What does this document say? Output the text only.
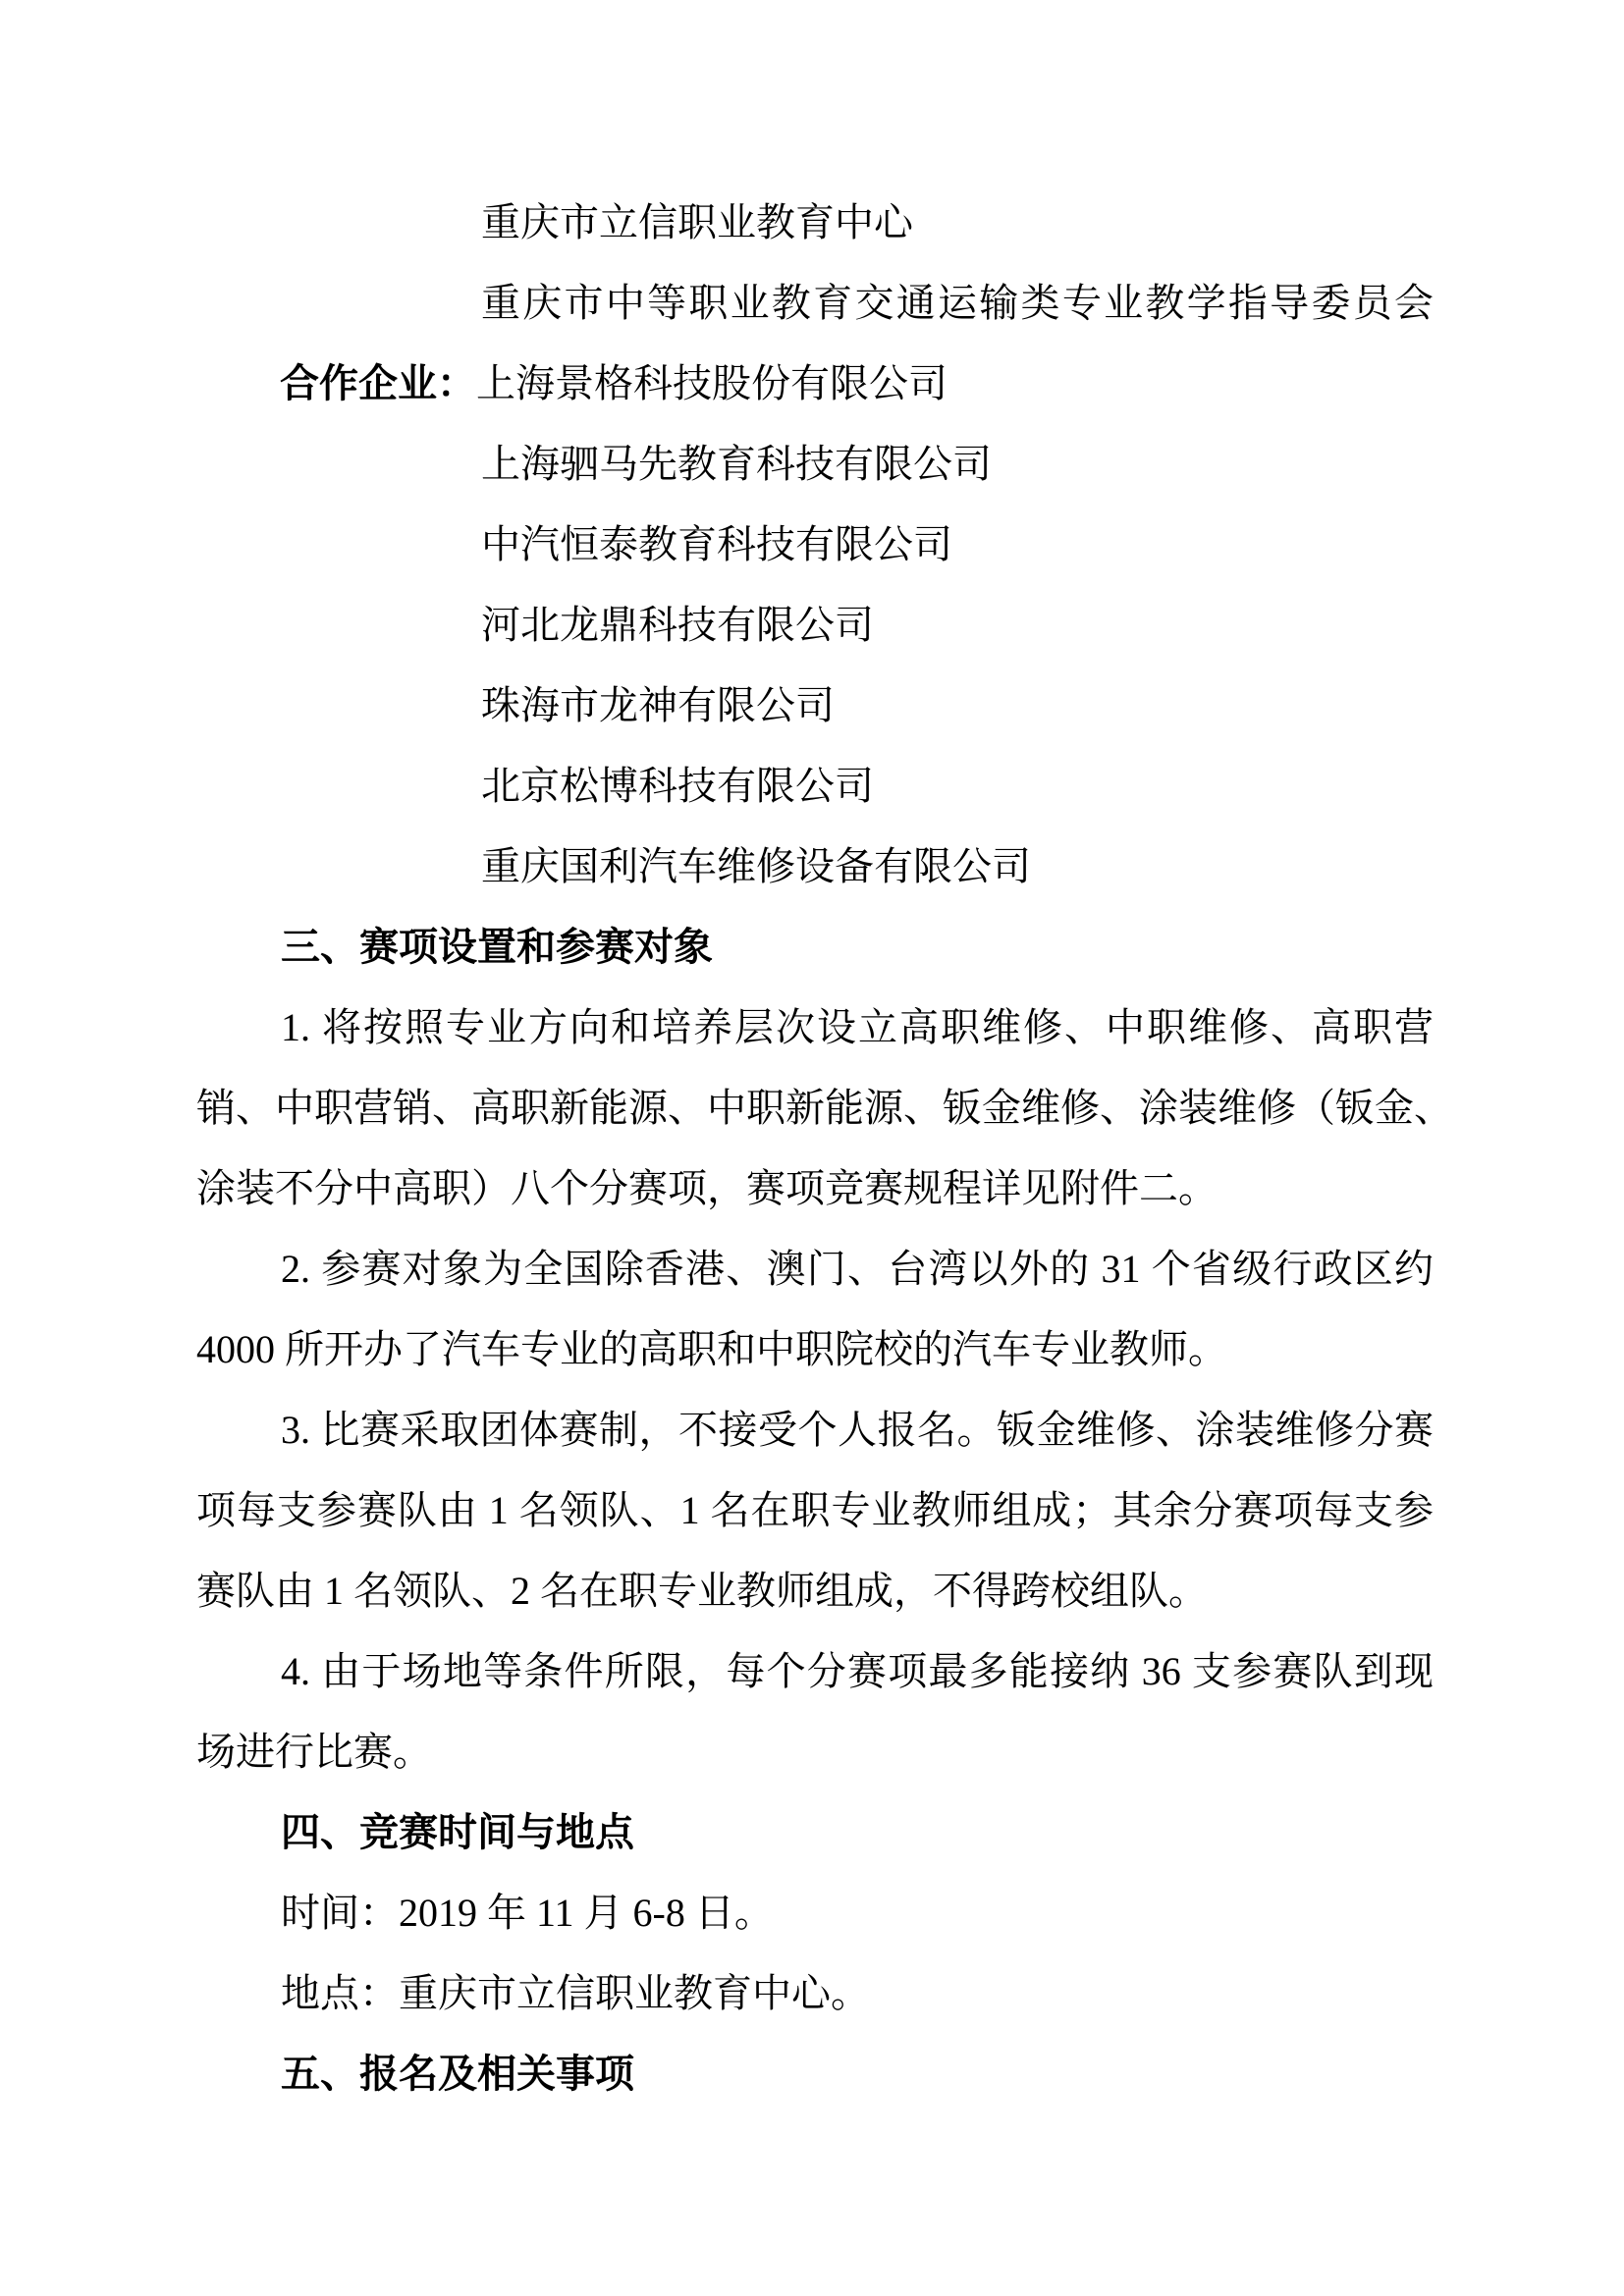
重庆市立信职业教育中心
重庆市中等职业教育交通运输类专业教学指导委员会
合作企业：上海景格科技股份有限公司
上海驷马先教育科技有限公司
中汽恒泰教育科技有限公司
河北龙鼎科技有限公司
珠海市龙神有限公司
北京松博科技有限公司
重庆国利汽车维修设备有限公司
三、赛项设置和参赛对象
1. 将按照专业方向和培养层次设立高职维修、中职维修、高职营
销、中职营销、高职新能源、中职新能源、钣金维修、涂装维修（钣金、
涂装不分中高职）八个分赛项，赛项竞赛规程详见附件二。
2. 参赛对象为全国除香港、澳门、台湾以外的 31 个省级行政区约
4000 所开办了汽车专业的高职和中职院校的汽车专业教师。
3. 比赛采取团体赛制，不接受个人报名。钣金维修、涂装维修分赛
项每支参赛队由 1 名领队、1 名在职专业教师组成；其余分赛项每支参
赛队由 1 名领队、2 名在职专业教师组成，不得跨校组队。
4. 由于场地等条件所限，每个分赛项最多能接纳 36 支参赛队到现
场进行比赛。
四、竞赛时间与地点
时间：2019 年 11 月 6-8 日。
地点：重庆市立信职业教育中心。
五、报名及相关事项
